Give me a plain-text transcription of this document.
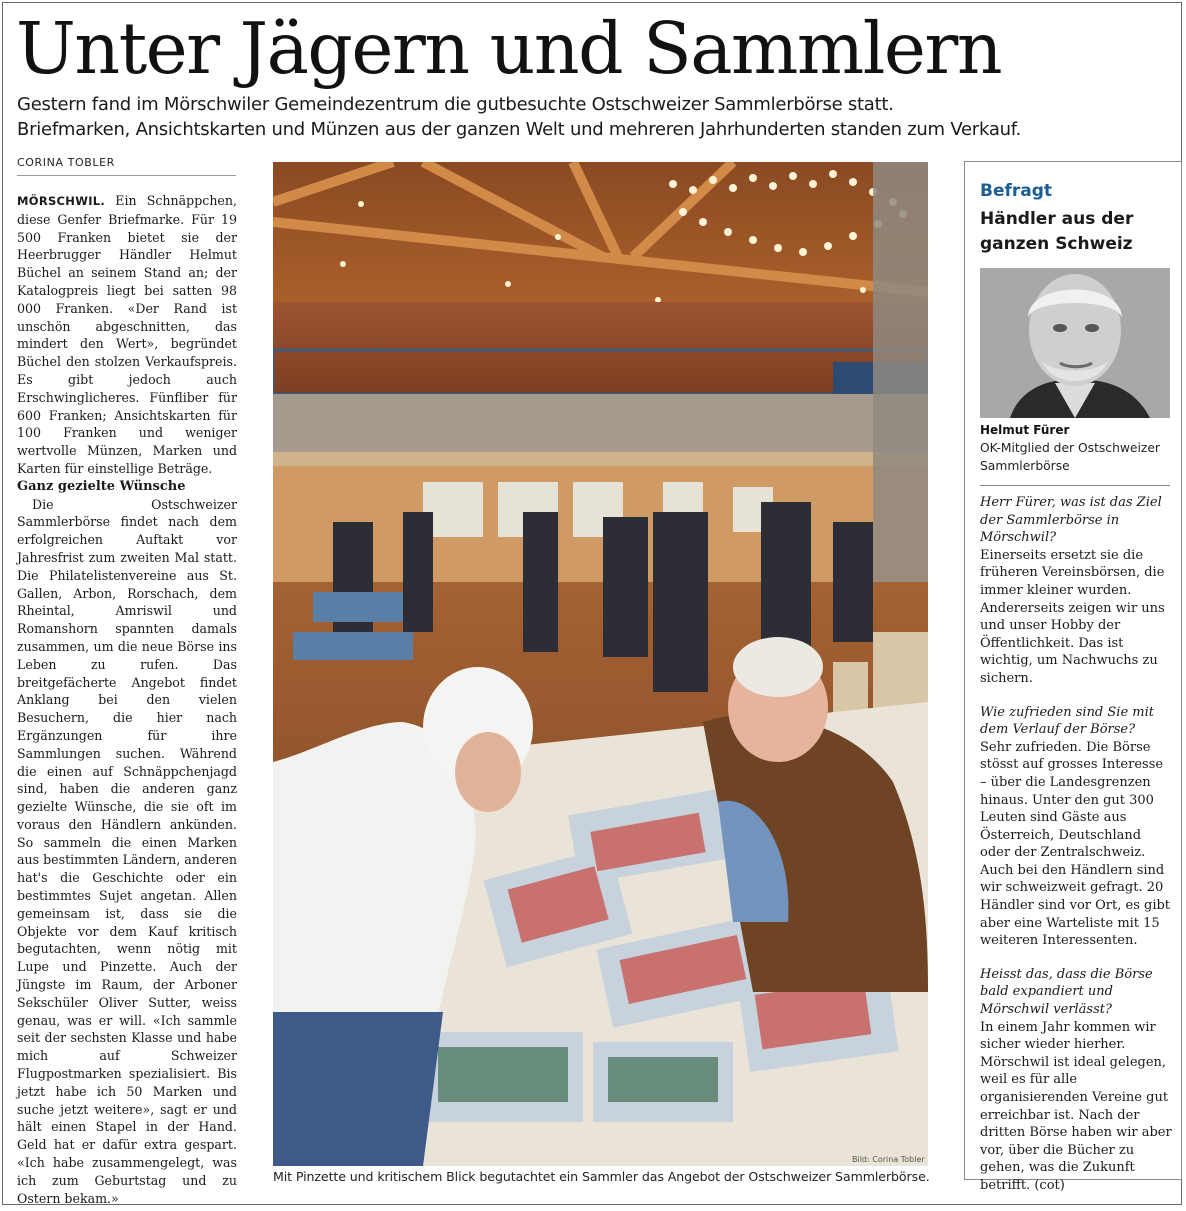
Unter Jägern und Sammlern
Gestern fand im Mörschwiler Gemeindezentrum die gutbesuchte Ostschweizer Sammlerbörse statt.
Briefmarken, Ansichtskarten und Münzen aus der ganzen Welt und mehreren Jahrhunderten standen zum Verkauf.
CORINA TOBLER

MÖRSCHWIL. Ein Schnäppchen, diese Genfer Briefmarke. Für 19 500 Franken bietet sie der Heerbrugger Händler Helmut Büchel an seinem Stand an; der Katalogpreis liegt bei satten 98 000 Franken. «Der Rand ist unschön abgeschnitten, das mindert den Wert», begründet Büchel den stolzen Verkaufspreis. Es gibt jedoch auch Erschwinglicheres. Fünfliber für 600 Franken; Ansichtskarten für 100 Franken und weniger wertvolle Münzen, Marken und Karten für einstellige Beträge.

Ganz gezielte Wünsche

Die Ostschweizer Sammlerbörse findet nach dem erfolgreichen Auftakt vor Jahresfrist zum zweiten Mal statt. Die Philatelistenvereine aus St. Gallen, Arbon, Rorschach, dem Rheintal, Amriswil und Romanshorn spannten damals zusammen, um die neue Börse ins Leben zu rufen. Das breitgefächerte Angebot findet Anklang bei den vielen Besuchern, die hier nach Ergänzungen für ihre Sammlungen suchen. Während die einen auf Schnäppchenjagd sind, haben die anderen ganz gezielte Wünsche, die sie oft im voraus den Händlern ankünden. So sammeln die einen Marken aus bestimmten Ländern, anderen hat's die Geschichte oder ein bestimmtes Sujet angetan. Allen gemeinsam ist, dass sie die Objekte vor dem Kauf kritisch begutachten, wenn nötig mit Lupe und Pinzette. Auch der Jüngste im Raum, der Arboner Sekschüler Oliver Sutter, weiss genau, was er will. «Ich sammle seit der sechsten Klasse und habe mich auf Schweizer Flugpostmarken spezialisiert. Bis jetzt habe ich 50 Marken und suche jetzt weitere», sagt er und hält einen Stapel in der Hand. Geld hat er dafür extra gespart. «Ich habe zusammengelegt, was ich zum Geburtstag und zu Ostern bekam.»

Bild: Corina Tobler
Mit Pinzette und kritischem Blick begutachtet ein Sammler das Angebot der Ostschweizer Sammlerbörse.
Befragt
Händler aus der ganzen Schweiz
Helmut Fürer
OK-Mitglied der Ostschweizer Sammlerbörse

Herr Fürer, was ist das Ziel der Sammlerbörse in Mörschwil?

Einerseits ersetzt sie die früheren Vereinsbörsen, die immer kleiner wurden. Andererseits zeigen wir uns und unser Hobby der Öffentlichkeit. Das ist wichtig, um Nachwuchs zu sichern.

Wie zufrieden sind Sie mit dem Verlauf der Börse?

Sehr zufrieden. Die Börse stösst auf grosses Interesse – über die Landesgrenzen hinaus. Unter den gut 300 Leuten sind Gäste aus Österreich, Deutschland oder der Zentralschweiz. Auch bei den Händlern sind wir schweizweit gefragt. 20 Händler sind vor Ort, es gibt aber eine Warteliste mit 15 weiteren Interessenten.

Heisst das, dass die Börse bald expandiert und Mörschwil verlässt?

In einem Jahr kommen wir sicher wieder hierher. Mörschwil ist ideal gelegen, weil es für alle organisierenden Vereine gut erreichbar ist. Nach der dritten Börse haben wir aber vor, über die Bücher zu gehen, was die Zukunft betrifft. (cot)
